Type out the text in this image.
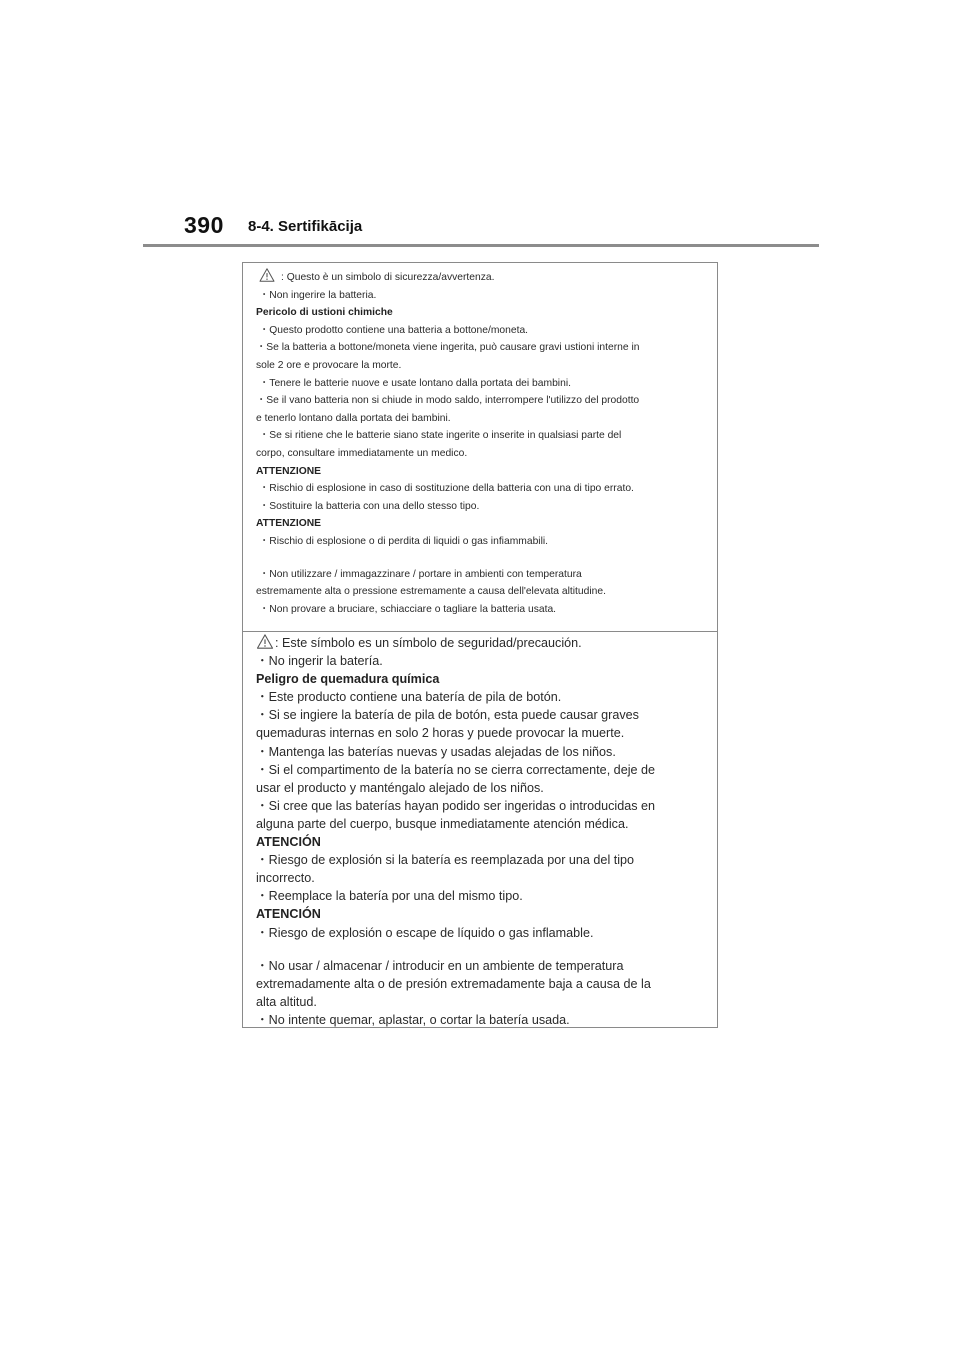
390 8-4. Sertifikācija
: Questo è un simbolo di sicurezza/avvertenza.
・Non ingerire la batteria.
Pericolo di ustioni chimiche
・Questo prodotto contiene una batteria a bottone/moneta.
・Se la batteria a bottone/moneta viene ingerita, può causare gravi ustioni interne in
sole 2 ore e provocare la morte.
・Tenere le batterie nuove e usate lontano dalla portata dei bambini.
・Se il vano batteria non si chiude in modo saldo, interrompere l'utilizzo del prodotto
e tenerlo lontano dalla portata dei bambini.
・Se si ritiene che le batterie siano state ingerite o inserite in qualsiasi parte del
corpo, consultare immediatamente un medico.
ATTENZIONE
・Rischio di esplosione in caso di sostituzione della batteria con una di tipo errato.
・Sostituire la batteria con una dello stesso tipo.
ATTENZIONE
・Rischio di esplosione o di perdita di liquidi o gas infiammabili.
・Non utilizzare / immagazzinare / portare in ambienti con temperatura
estremamente alta o pressione estremamente a causa dell'elevata altitudine.
・Non provare a bruciare, schiacciare o tagliare la batteria usata.
: Este símbolo es un símbolo de seguridad/precaución.
・No ingerir la batería.
Peligro de quemadura química
・Este producto contiene una batería de pila de botón.
・Si se ingiere la batería de pila de botón, esta puede causar graves
quemaduras internas en solo 2 horas y puede provocar la muerte.
・Mantenga las baterías nuevas y usadas alejadas de los niños.
・Si el compartimento de la batería no se cierra correctamente, deje de
usar el producto y manténgalo alejado de los niños.
・Si cree que las baterías hayan podido ser ingeridas o introducidas en
alguna parte del cuerpo, busque inmediatamente atención médica.
ATENCIÓN
・Riesgo de explosión si la batería es reemplazada por una del tipo
incorrecto.
・Reemplace la batería por una del mismo tipo.
ATENCIÓN
・Riesgo de explosión o escape de líquido o gas inflamable.
・No usar / almacenar / introducir en un ambiente de temperatura
extremadamente alta o de presión extremadamente baja a causa de la
alta altitud.
・No intente quemar, aplastar, o cortar la batería usada.
